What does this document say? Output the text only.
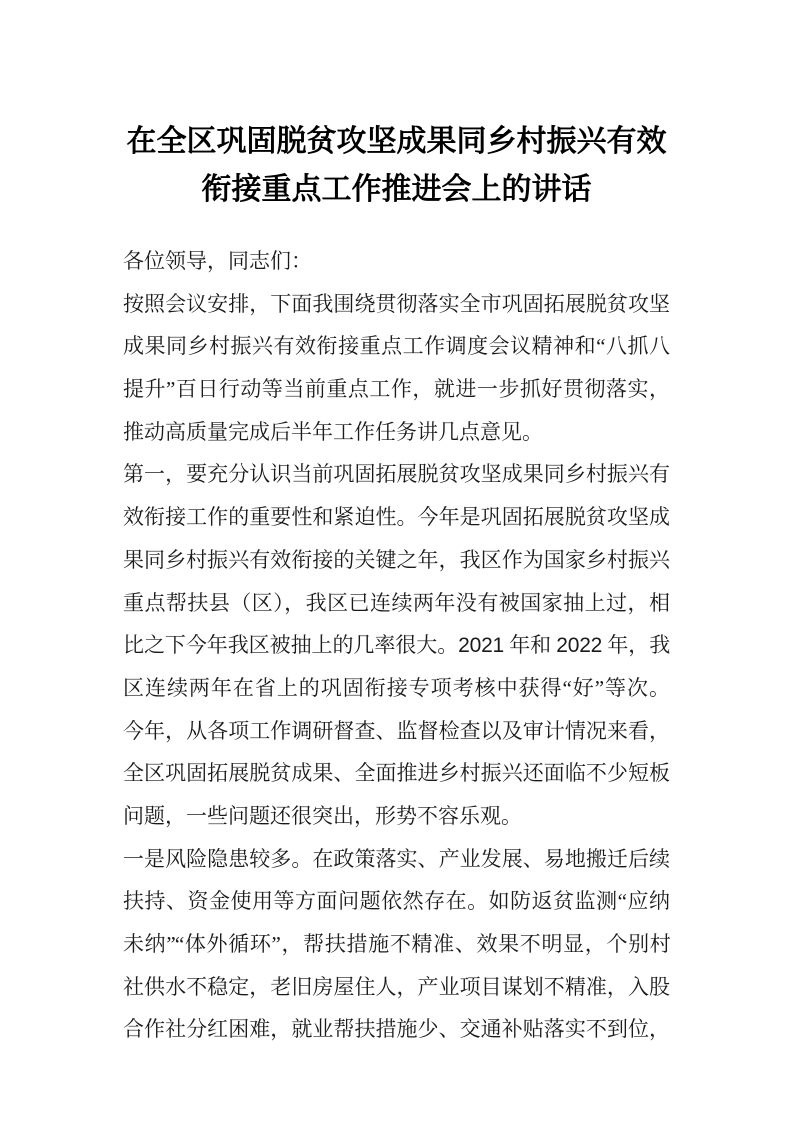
在全区巩固脱贫攻坚成果同乡村振兴有效
衔接重点工作推进会上的讲话
各位领导，同志们：
按照会议安排，下面我围绕贯彻落实全市巩固拓展脱贫攻坚
成果同乡村振兴有效衔接重点工作调度会议精神和“八抓八
提升”百日行动等当前重点工作，就进一步抓好贯彻落实，
推动高质量完成后半年工作任务讲几点意见。
第一，要充分认识当前巩固拓展脱贫攻坚成果同乡村振兴有
效衔接工作的重要性和紧迫性。今年是巩固拓展脱贫攻坚成
果同乡村振兴有效衔接的关键之年，我区作为国家乡村振兴
重点帮扶县（区），我区已连续两年没有被国家抽上过，相
比之下今年我区被抽上的几率很大。2021 年和 2022 年，我
区连续两年在省上的巩固衔接专项考核中获得“好”等次。
今年，从各项工作调研督查、监督检查以及审计情况来看，
全区巩固拓展脱贫成果、全面推进乡村振兴还面临不少短板
问题，一些问题还很突出，形势不容乐观。
一是风险隐患较多。在政策落实、产业发展、易地搬迁后续
扶持、资金使用等方面问题依然存在。如防返贫监测“应纳
未纳”“体外循环”，帮扶措施不精准、效果不明显，个别村
社供水不稳定，老旧房屋住人，产业项目谋划不精准，入股
合作社分红困难，就业帮扶措施少、交通补贴落实不到位，
